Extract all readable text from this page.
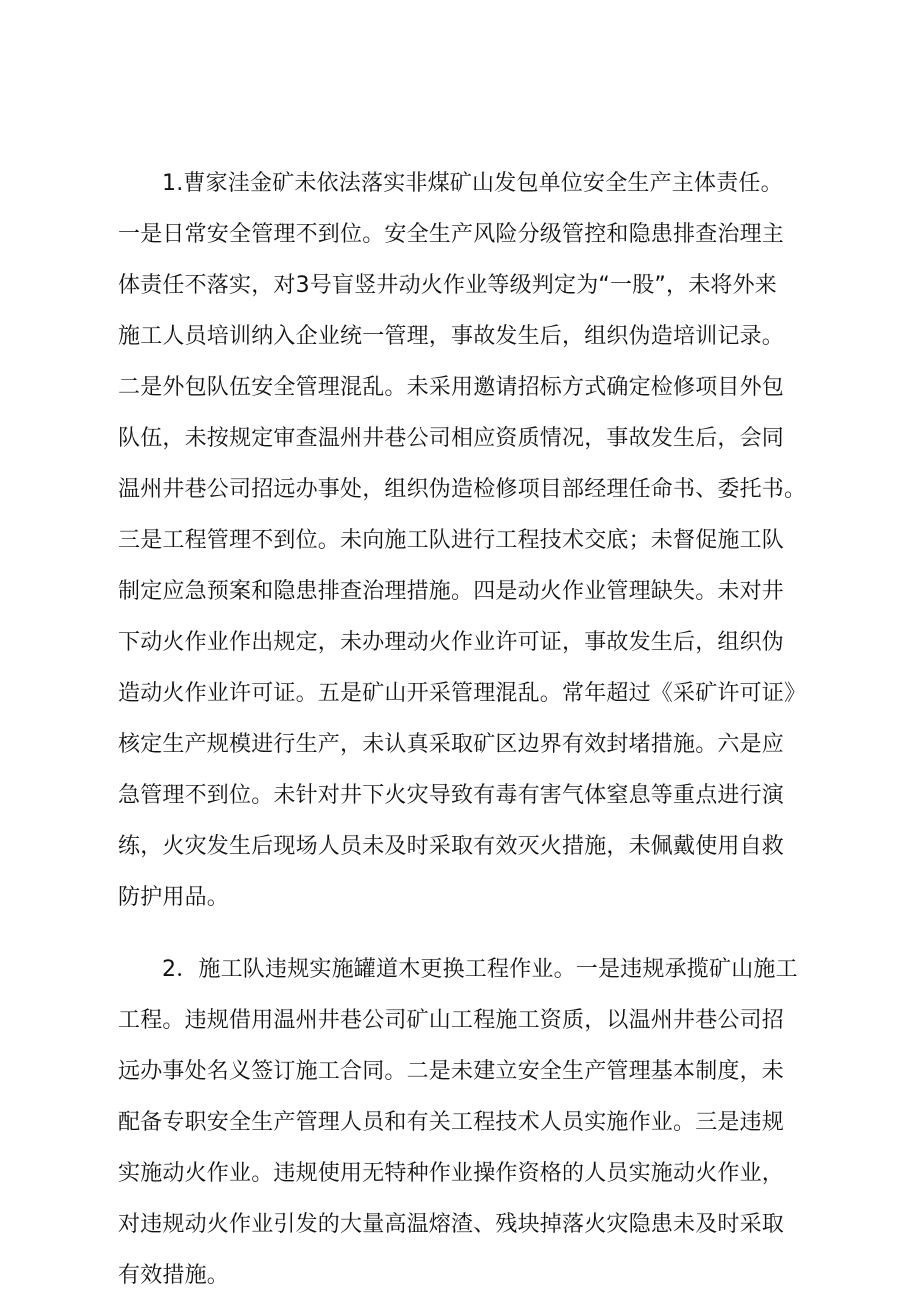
1.曹家洼金矿未依法落实非煤矿山发包单位安全生产主体责任。
一是日常安全管理不到位。安全生产风险分级管控和隐患排查治理主
体责任不落实，对3号盲竖井动火作业等级判定为“一股”，未将外来
施工人员培训纳入企业统一管理，事故发生后，组织伪造培训记录。
二是外包队伍安全管理混乱。未采用邀请招标方式确定检修项目外包
队伍，未按规定审查温州井巷公司相应资质情况，事故发生后，会同
温州井巷公司招远办事处，组织伪造检修项目部经理任命书、委托书。
三是工程管理不到位。未向施工队进行工程技术交底；未督促施工队
制定应急预案和隐患排查治理措施。四是动火作业管理缺失。未对井
下动火作业作出规定，未办理动火作业许可证，事故发生后，组织伪
造动火作业许可证。五是矿山开采管理混乱。常年超过《采矿许可证》
核定生产规模进行生产，未认真采取矿区边界有效封堵措施。六是应
急管理不到位。未针对井下火灾导致有毒有害气体窒息等重点进行演
练，火灾发生后现场人员未及时采取有效灭火措施，未佩戴使用自救
防护用品。
2．施工队违规实施罐道木更换工程作业。一是违规承揽矿山施工
工程。违规借用温州井巷公司矿山工程施工资质，以温州井巷公司招
远办事处名义签订施工合同。二是未建立安全生产管理基本制度，未
配备专职安全生产管理人员和有关工程技术人员实施作业。三是违规
实施动火作业。违规使用无特种作业操作资格的人员实施动火作业，
对违规动火作业引发的大量高温熔渣、残块掉落火灾隐患未及时采取
有效措施。
